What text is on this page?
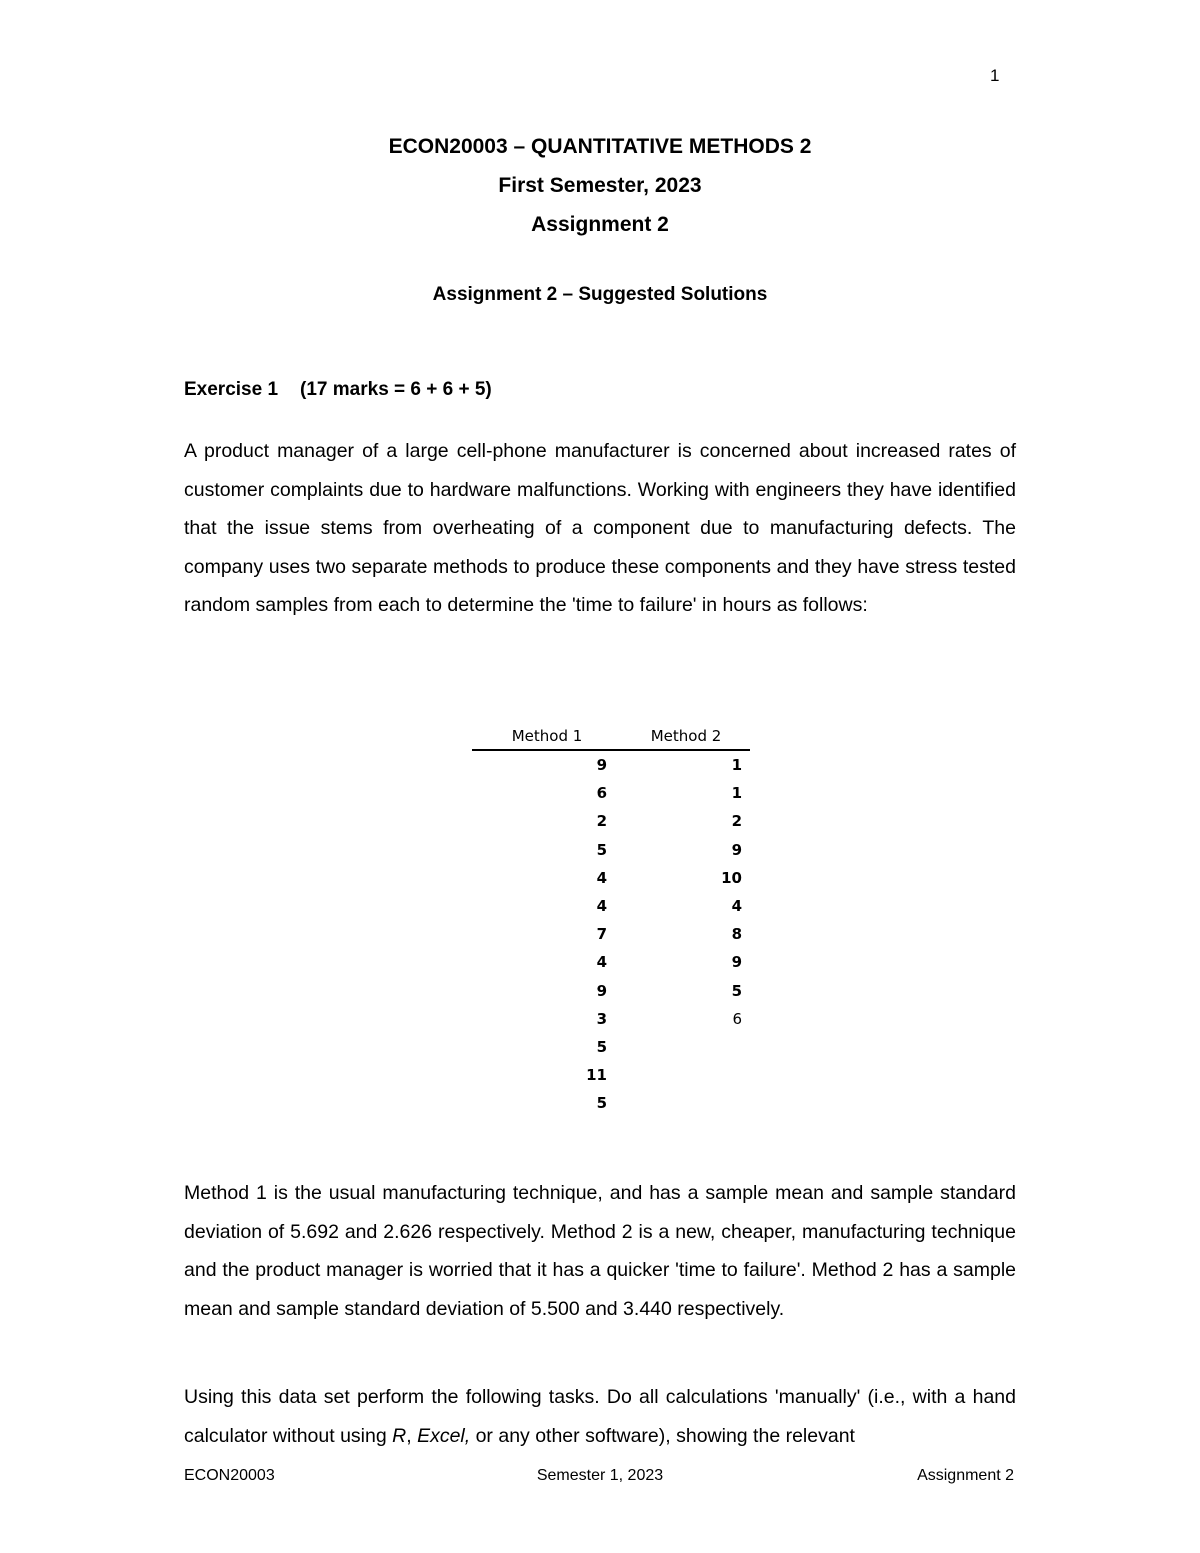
1
ECON20003 – QUANTITATIVE METHODS 2
First Semester, 2023
Assignment 2
Assignment 2 – Suggested Solutions
Exercise 1 (17 marks = 6 + 6 + 5)
A product manager of a large cell-phone manufacturer is concerned about increased rates of customer complaints due to hardware malfunctions. Working with engineers they have identified that the issue stems from overheating of a component due to manufacturing defects. The company uses two separate methods to produce these components and they have stress tested random samples from each to determine the 'time to failure' in hours as follows:
Method 1	Method 2
9	1
6	1
2	2
5	9
4	10
4	4
7	8
4	9
9	5
3	6
5	
11	
5	
Method 1 is the usual manufacturing technique, and has a sample mean and sample standard deviation of 5.692 and 2.626 respectively. Method 2 is a new, cheaper, manufacturing technique and the product manager is worried that it has a quicker 'time to failure'. Method 2 has a sample mean and sample standard deviation of 5.500 and 3.440 respectively.
Using this data set perform the following tasks. Do all calculations 'manually' (i.e., with a hand calculator without using R, Excel, or any other software), showing the relevant
ECON20003	Semester 1, 2023	Assignment 2
